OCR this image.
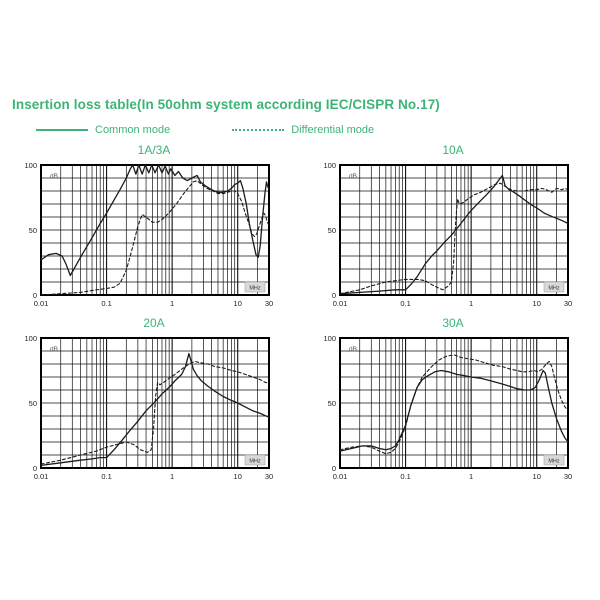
Insertion loss table(In 50ohm system according IEC/CISPR No.17)
Common mode	Differential mode
1A/3A
dB
MHz
100
50
0
0.01	0.1	1	10	30
10A
dB
MHz
100
50
0
0.01	0.1	1	10	30
20A
dB
MHz
100
50
0
0.01	0.1	1	10	30
30A
dB
MHz
100
50
0
0.01	0.1	1	10	30
